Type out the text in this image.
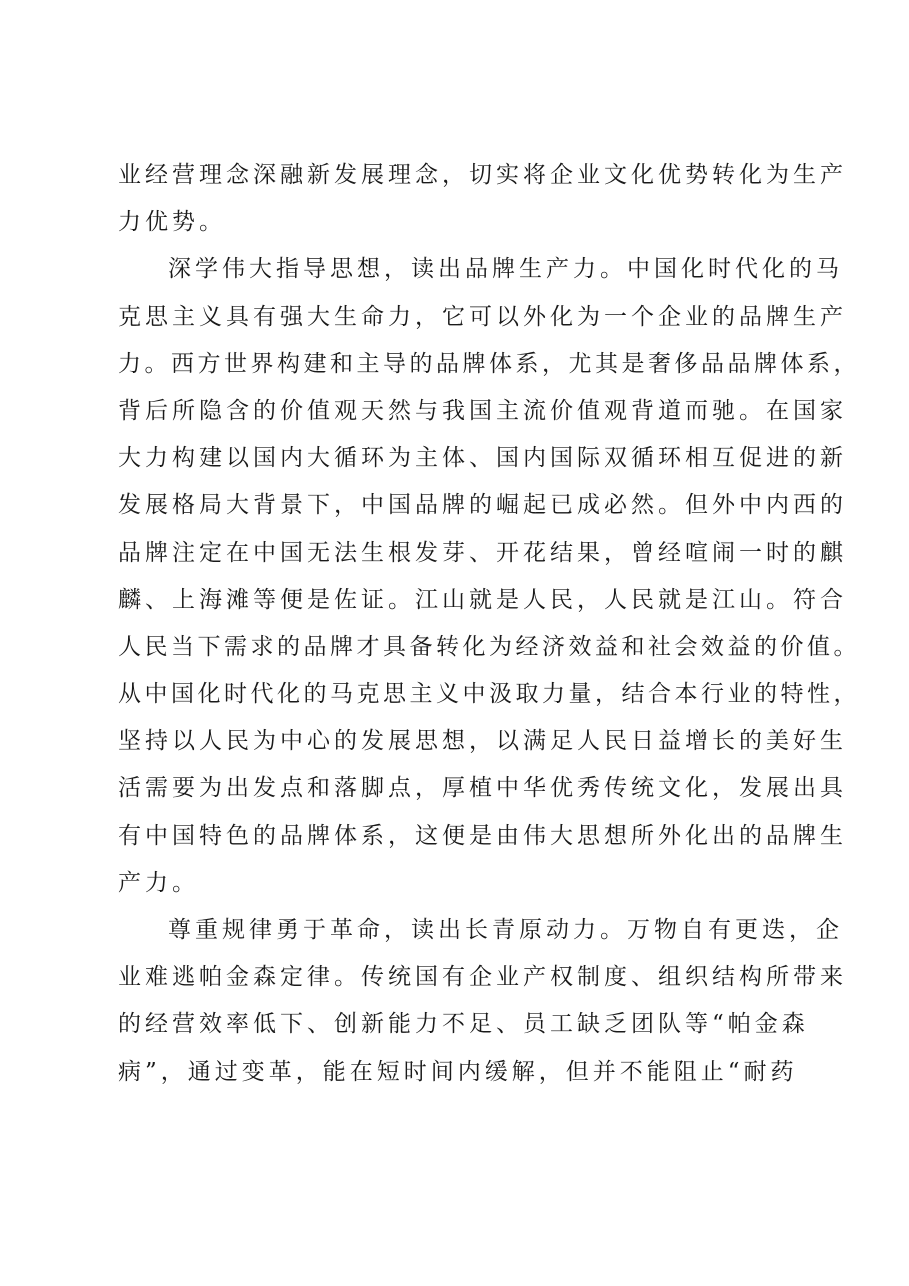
业经营理念深融新发展理念，切实将企业文化优势转化为生产
力优势。
深学伟大指导思想，读出品牌生产力。中国化时代化的马
克思主义具有强大生命力，它可以外化为一个企业的品牌生产
力。西方世界构建和主导的品牌体系，尤其是奢侈品品牌体系，
背后所隐含的价值观天然与我国主流价值观背道而驰。在国家
大力构建以国内大循环为主体、国内国际双循环相互促进的新
发展格局大背景下，中国品牌的崛起已成必然。但外中内西的
品牌注定在中国无法生根发芽、开花结果，曾经喧闹一时的麒
麟、上海滩等便是佐证。江山就是人民，人民就是江山。符合
人民当下需求的品牌才具备转化为经济效益和社会效益的价值。
从中国化时代化的马克思主义中汲取力量，结合本行业的特性，
坚持以人民为中心的发展思想，以满足人民日益增长的美好生
活需要为出发点和落脚点，厚植中华优秀传统文化，发展出具
有中国特色的品牌体系，这便是由伟大思想所外化出的品牌生
产力。
尊重规律勇于革命，读出长青原动力。万物自有更迭，企
业难逃帕金森定律。传统国有企业产权制度、组织结构所带来
的经营效率低下、创新能力不足、员工缺乏团队等“帕金森
病”，通过变革，能在短时间内缓解，但并不能阻止“耐药
